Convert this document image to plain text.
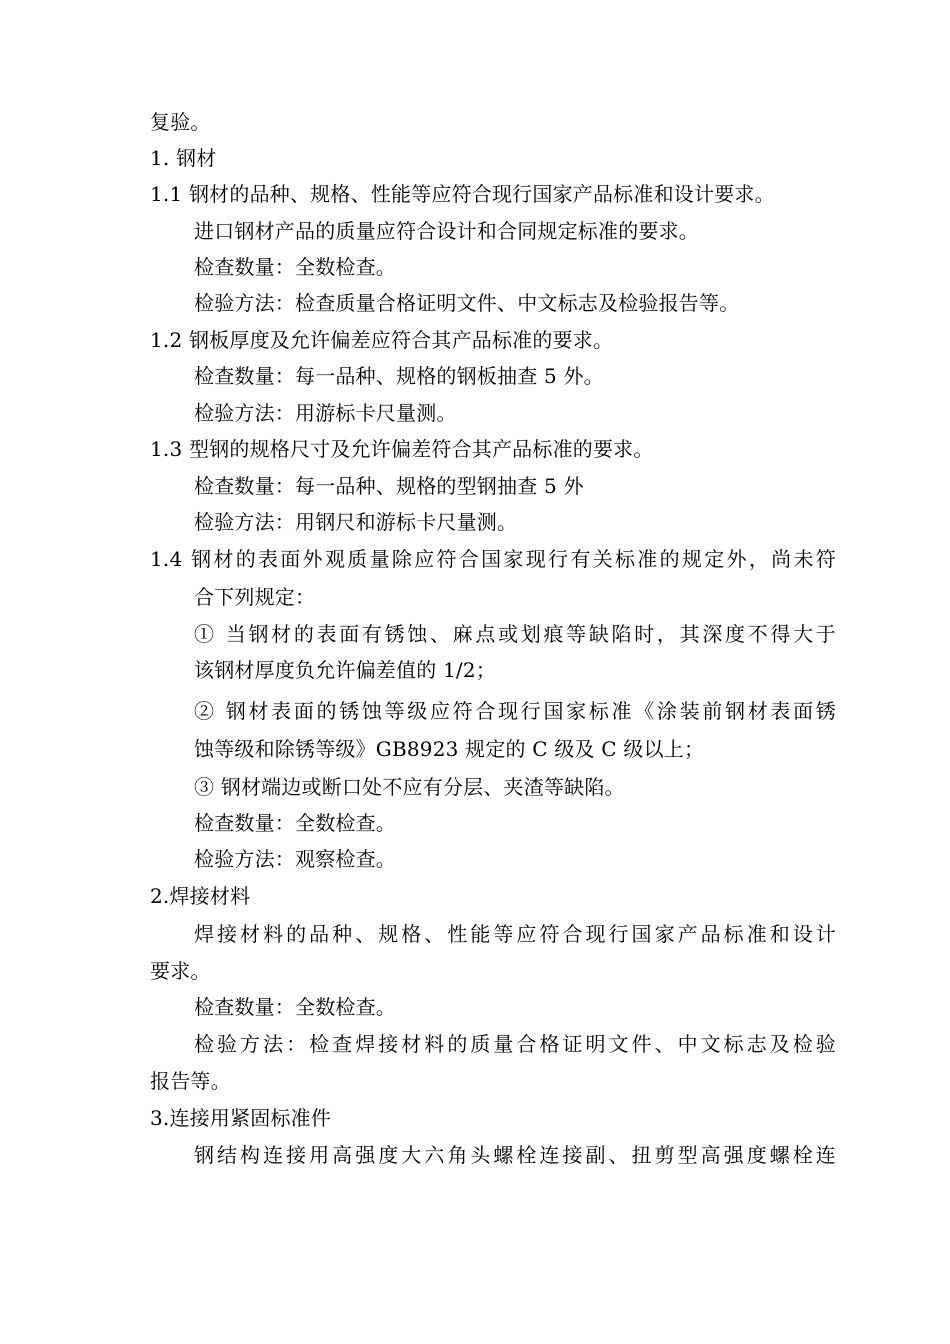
复验。
1. 钢材
1.1 钢材的品种、规格、性能等应符合现行国家产品标准和设计要求。
进口钢材产品的质量应符合设计和合同规定标准的要求。
检查数量：全数检查。
检验方法：检查质量合格证明文件、中文标志及检验报告等。
1.2 钢板厚度及允许偏差应符合其产品标准的要求。
检查数量：每一品种、规格的钢板抽查 5 外。
检验方法：用游标卡尺量测。
1.3 型钢的规格尺寸及允许偏差符合其产品标准的要求。
检查数量：每一品种、规格的型钢抽查 5 外
检验方法：用钢尺和游标卡尺量测。
1.4 钢材的表面外观质量除应符合国家现行有关标准的规定外，尚未符
合下列规定：
① 当钢材的表面有锈蚀、麻点或划痕等缺陷时，其深度不得大于
该钢材厚度负允许偏差值的 1/2；
② 钢材表面的锈蚀等级应符合现行国家标准《涂装前钢材表面锈
蚀等级和除锈等级》GB8923 规定的 C 级及 C 级以上；
③ 钢材端边或断口处不应有分层、夹渣等缺陷。
检查数量：全数检查。
检验方法：观察检查。
2.焊接材料
焊接材料的品种、规格、性能等应符合现行国家产品标准和设计
要求。
检查数量：全数检查。
检验方法：检查焊接材料的质量合格证明文件、中文标志及检验
报告等。
3.连接用紧固标准件
钢结构连接用高强度大六角头螺栓连接副、扭剪型高强度螺栓连
